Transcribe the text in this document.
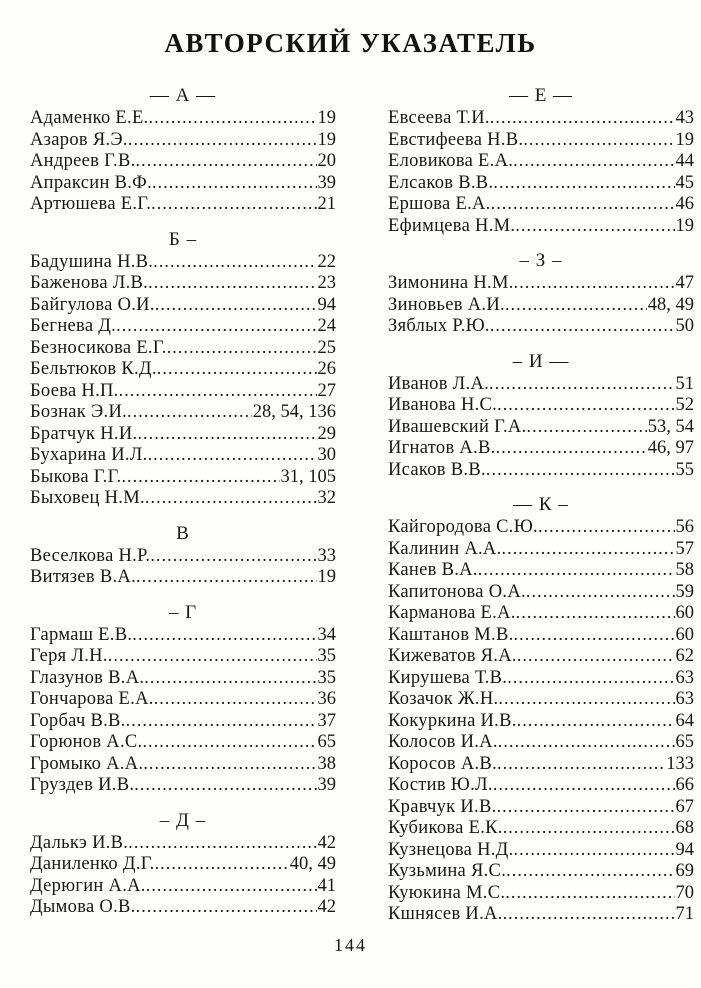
АВТОРСКИЙ УКАЗАТЕЛЬ
— А —
Адаменко Е.Е. .....	19
Азаров Я.Э. .....	19
Андреев Г.В. .....	20
Апраксин В.Ф. .....	39
Артюшева Е.Г. .....	21
Б –
Бадушина Н.В. .....	22
Баженова Л.В. .....	23
Байгулова О.И. .....	94
Бегнева Д. .....	24
Безносикова Е.Г. .....	25
Бельтюков К.Д. .....	26
Боева Н.П. .....	27
Бознак Э.И. .....	28, 54, 136
Братчук Н.И. .....	29
Бухарина И.Л. .....	30
Быкова Г.Г. .....	31, 105
Быховец Н.М. .....	32
В
Веселкова Н.Р. .....	33
Витязев В.А. .....	19
– Г
Гармаш Е.В. .....	34
Геря Л.Н. .....	35
Глазунов В.А. .....	35
Гончарова Е.А. .....	36
Горбач В.В. .....	37
Горюнов А.С. .....	65
Громыко А.А. .....	38
Груздев И.В. .....	39
– Д –
Далькэ И.В. .....	42
Даниленко Д.Г. .....	40, 49
Дерюгин А.А. .....	41
Дымова О.В. .....	42
— Е —
Евсеева Т.И. .....	43
Евстифеева Н.В. .....	19
Еловикова Е.А. .....	44
Елсаков В.В. .....	45
Ершова Е.А. .....	46
Ефимцева Н.М. .....	19
– З –
Зимонина Н.М. .....	47
Зиновьев А.И. .....	48, 49
Зяблых Р.Ю. .....	50
– И —
Иванов Л.А. .....	51
Иванова Н.С. .....	52
Ивашевский Г.А. .....	53, 54
Игнатов А.В. .....	46, 97
Исаков В.В. .....	55
— К –
Кайгородова С.Ю. .....	56
Калинин А.А. .....	57
Канев В.А. .....	58
Капитонова О.А. .....	59
Карманова Е.А. .....	60
Каштанов М.В. .....	60
Кижеватов Я.А. .....	62
Кирушева Т.В. .....	63
Козачок Ж.Н. .....	63
Кокуркина И.В. .....	64
Колосов И.А. .....	65
Коросов А.В. .....	133
Костив Ю.Л. .....	66
Кравчук И.В. .....	67
Кубикова Е.К. .....	68
Кузнецова Н.Д. .....	94
Кузьмина Я.С. .....	69
Куюкина М.С. .....	70
Кшнясев И.А. .....	71
144
